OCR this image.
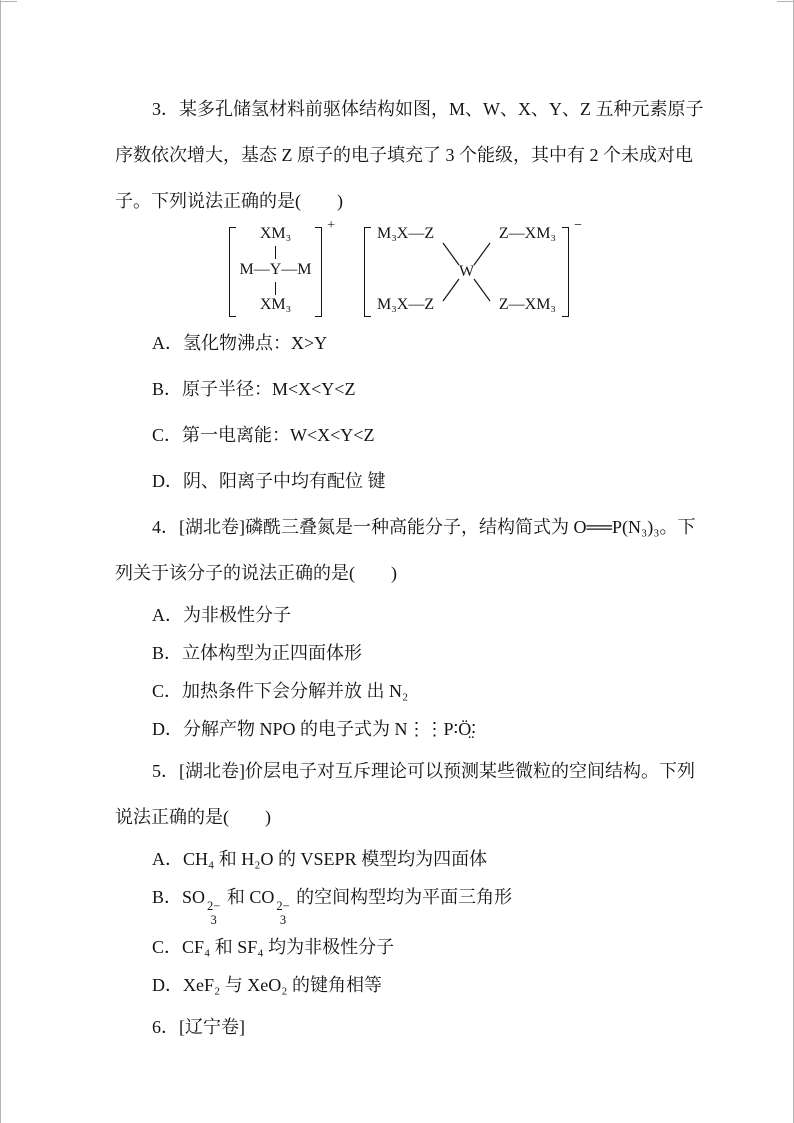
3．某多孔储氢材料前驱体结构如图，M、W、X、Y、Z 五种元素原子

序数依次增大，基态 Z 原子的电子填充了 3 个能级，其中有 2 个未成对电

子。下列说法正确的是(　　)

+
XM₃
M—Y—M
XM₃
−
M₃X—Z	Z—XM₃
W
M₃X—Z	Z—XM₃

A．氢化物沸点：X>Y

B．原子半径：M<X<Y<Z

C．第一电离能：W<X<Y<Z

D．阴、阳离子中均有配位 键

4．[湖北卷]磷酰三叠氮是一种高能分子，结构简式为 O══P(N₃)₃。下

列关于该分子的说法正确的是(　　)

A．为非极性分子

B．立体构型为正四面体形

C．加热条件下会分解并放 出 N₂

D．分解产物 NPO 的电子式为 N⋮⋮P∶Ö̤∶

5．[湖北卷]价层电子对互斥理论可以预测某些微粒的空间结构。下列

说法正确的是(　　)

A．CH₄ 和 H₂O 的 VSEPR 模型均为四面体

B．SO 2−
3
和 CO 2−
3
的空间构型均为平面三角形

C．CF₄ 和 SF₄ 均为非极性分子

D．XeF₂ 与 XeO₂ 的键角相等

6．[辽宁卷]
